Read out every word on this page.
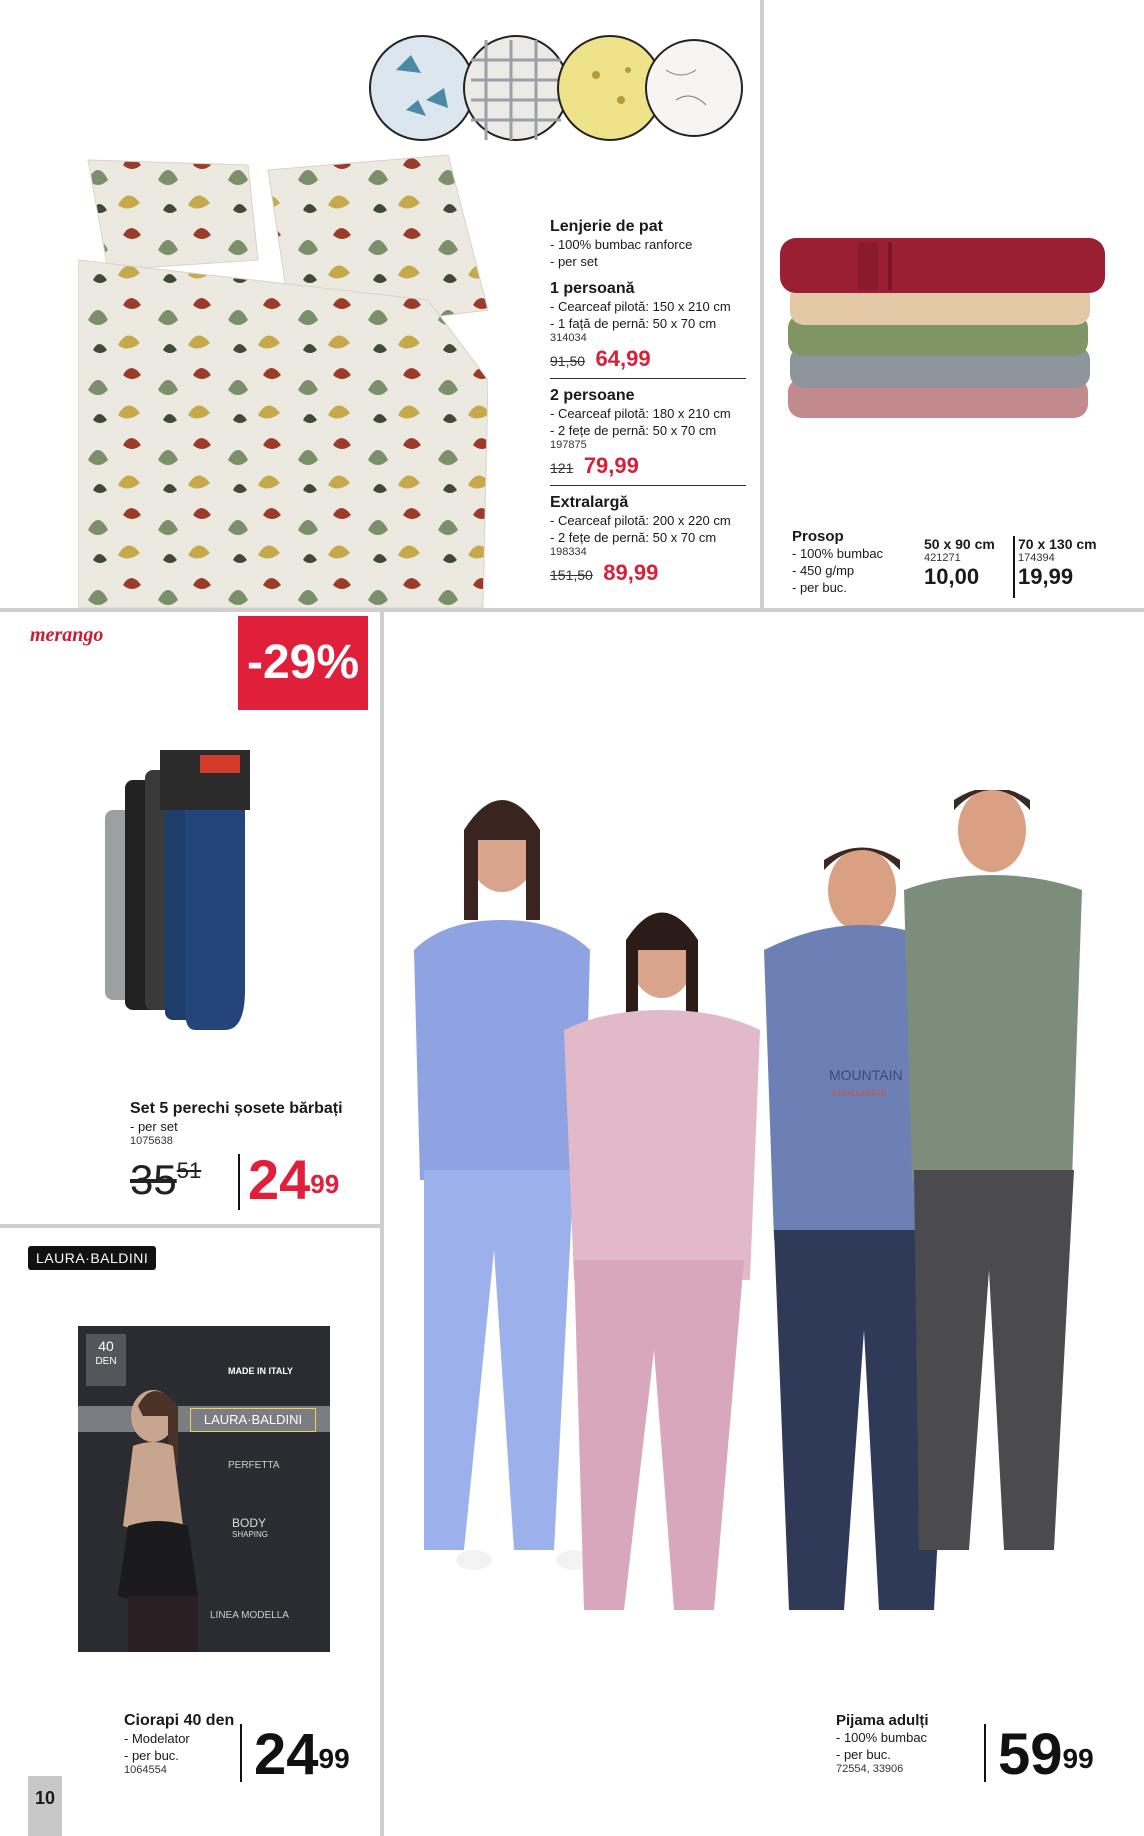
Lenjerie de pat
- 100% bumbac ranforce
- per set
1 persoană
- Cearceaf pilotă: 150 x 210 cm
- 1 față de pernă: 50 x 70 cm
314034
91,50 64,99
2 persoane
- Cearceaf pilotă: 180 x 210 cm
- 2 fețe de pernă: 50 x 70 cm
197875
121 79,99
Extralargă
- Cearceaf pilotă: 200 x 220 cm
- 2 fețe de pernă: 50 x 70 cm
198334
151,50 89,99
Prosop
- 100% bumbac
- 450 g/mp
- per buc.
50 x 90 cm
421271
10,00
70 x 130 cm
174394
19,99
merango
-29%
Set 5 perechi șosete bărbați
- per set
1075638
$35^{51}$ $24^{99}$
LAURA·BALDINI
40
DEN
MADE IN ITALY
LAURA·BALDINI
PERFETTA
BODY
SHAPING
LINEA MODELLA
Ciorapi 40 den
- Modelator
- per buc.
1064554	$24^{99}$
MOUNTAIN
CHALLENGE
Pijama adulți
- 100% bumbac
- per buc.
72554, 33906	$59^{99}$
10
